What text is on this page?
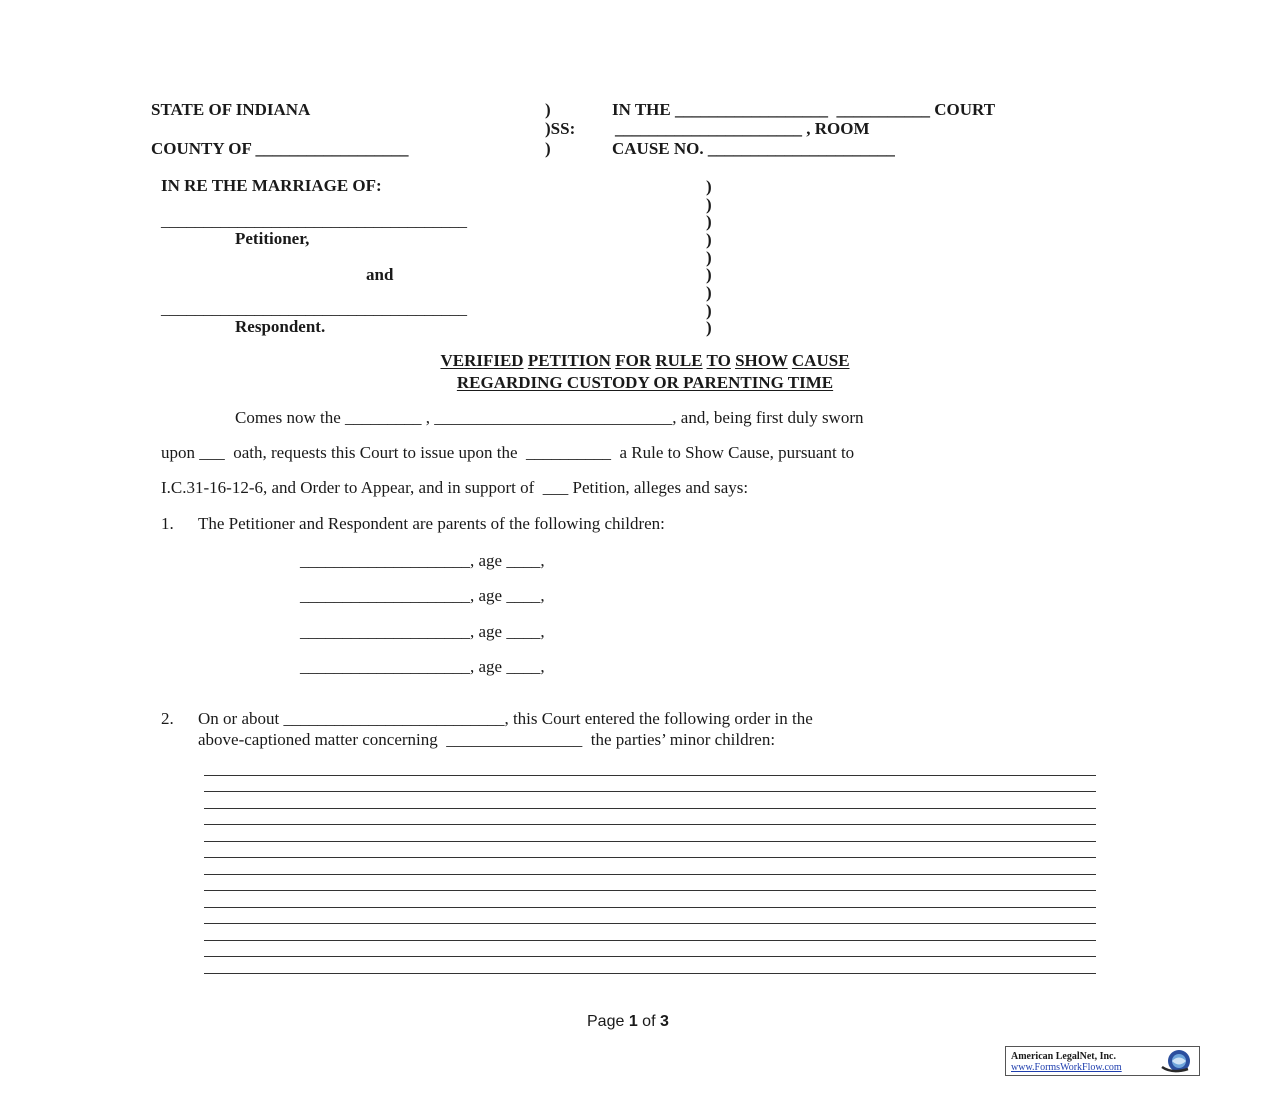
STATE OF INDIANA
COUNTY OF __________________
)
)SS:
)
IN THE __________________  ___________ COURT
______________________ , ROOM
CAUSE NO. ______________________
IN RE THE MARRIAGE OF:
____________________________________
Petitioner,
and
____________________________________
Respondent.
)
)
)
)
)
)
)
)
)
VERIFIED PETITION FOR RULE TO SHOW CAUSE
REGARDING CUSTODY OR PARENTING TIME
Comes now the _________ , ____________________________, and, being first duly sworn
upon ___  oath, requests this Court to issue upon the  __________  a Rule to Show Cause, pursuant to
I.C.31-16-12-6, and Order to Appear, and in support of  ___ Petition, alleges and says:
1. The Petitioner and Respondent are parents of the following children:
____________________, age ____,
____________________, age ____,
____________________, age ____,
____________________, age ____,
2. On or about __________________________, this Court entered the following order in the
above-captioned matter concerning  ________________  the parties’ minor children:
Page 1 of 3
American LegalNet, Inc.
www.FormsWorkFlow.com
